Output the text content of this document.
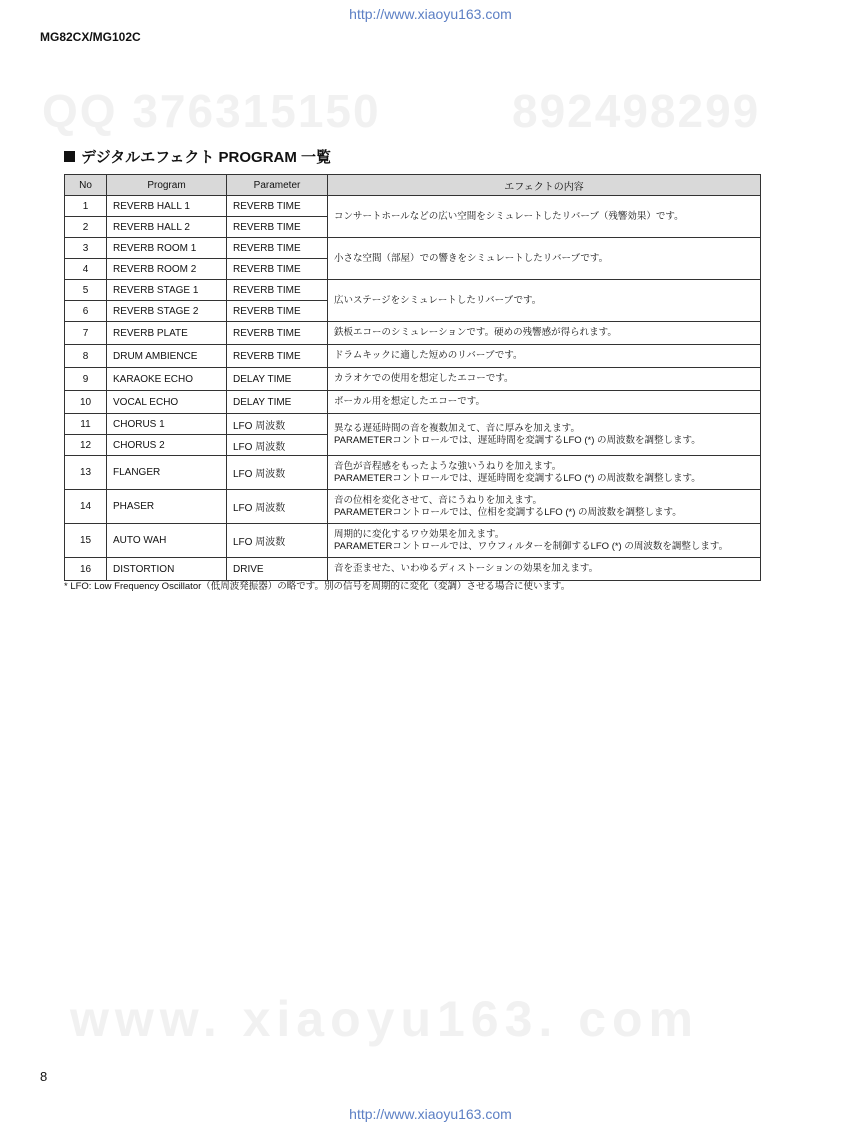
http://www.xiaoyu163.com
MG82CX/MG102C
QQ 376315150	892498299
デジタルエフェクト PROGRAM 一覧
No	Program	Parameter	エフェクトの内容
1	REVERB HALL 1	REVERB TIME	コンサートホールなどの広い空間をシミュレートしたリバーブ（残響効果）です。
2	REVERB HALL 2	REVERB TIME	
3	REVERB ROOM 1	REVERB TIME	小さな空間（部屋）での響きをシミュレートしたリバーブです。
4	REVERB ROOM 2	REVERB TIME	
5	REVERB STAGE 1	REVERB TIME	広いステージをシミュレートしたリバーブです。
6	REVERB STAGE 2	REVERB TIME	
7	REVERB PLATE	REVERB TIME	鉄板エコーのシミュレーションです。硬めの残響感が得られます。
8	DRUM AMBIENCE	REVERB TIME	ドラムキックに適した短めのリバーブです。
9	KARAOKE ECHO	DELAY TIME	カラオケでの使用を想定したエコーです。
10	VOCAL ECHO	DELAY TIME	ボーカル用を想定したエコーです。
11	CHORUS 1	LFO 周波数	異なる遅延時間の音を複数加えて、音に厚みを加えます。
PARAMETERコントロールでは、遅延時間を変調するLFO (*) の周波数を調整します。
12	CHORUS 2	LFO 周波数	
13	FLANGER	LFO 周波数	音色が音程感をもったような強いうねりを加えます。
PARAMETERコントロールでは、遅延時間を変調するLFO (*) の周波数を調整します。
14	PHASER	LFO 周波数	音の位相を変化させて、音にうねりを加えます。
PARAMETERコントロールでは、位相を変調するLFO (*) の周波数を調整します。
15	AUTO WAH	LFO 周波数	周期的に変化するワウ効果を加えます。
PARAMETERコントロールでは、ワウフィルターを制御するLFO (*) の周波数を調整します。
16	DISTORTION	DRIVE	音を歪ませた、いわゆるディストーションの効果を加えます。
* LFO: Low Frequency Oscillator（低周波発振器）の略です。別の信号を周期的に変化（変調）させる場合に使います。
www. xiaoyu163. com
8
http://www.xiaoyu163.com
